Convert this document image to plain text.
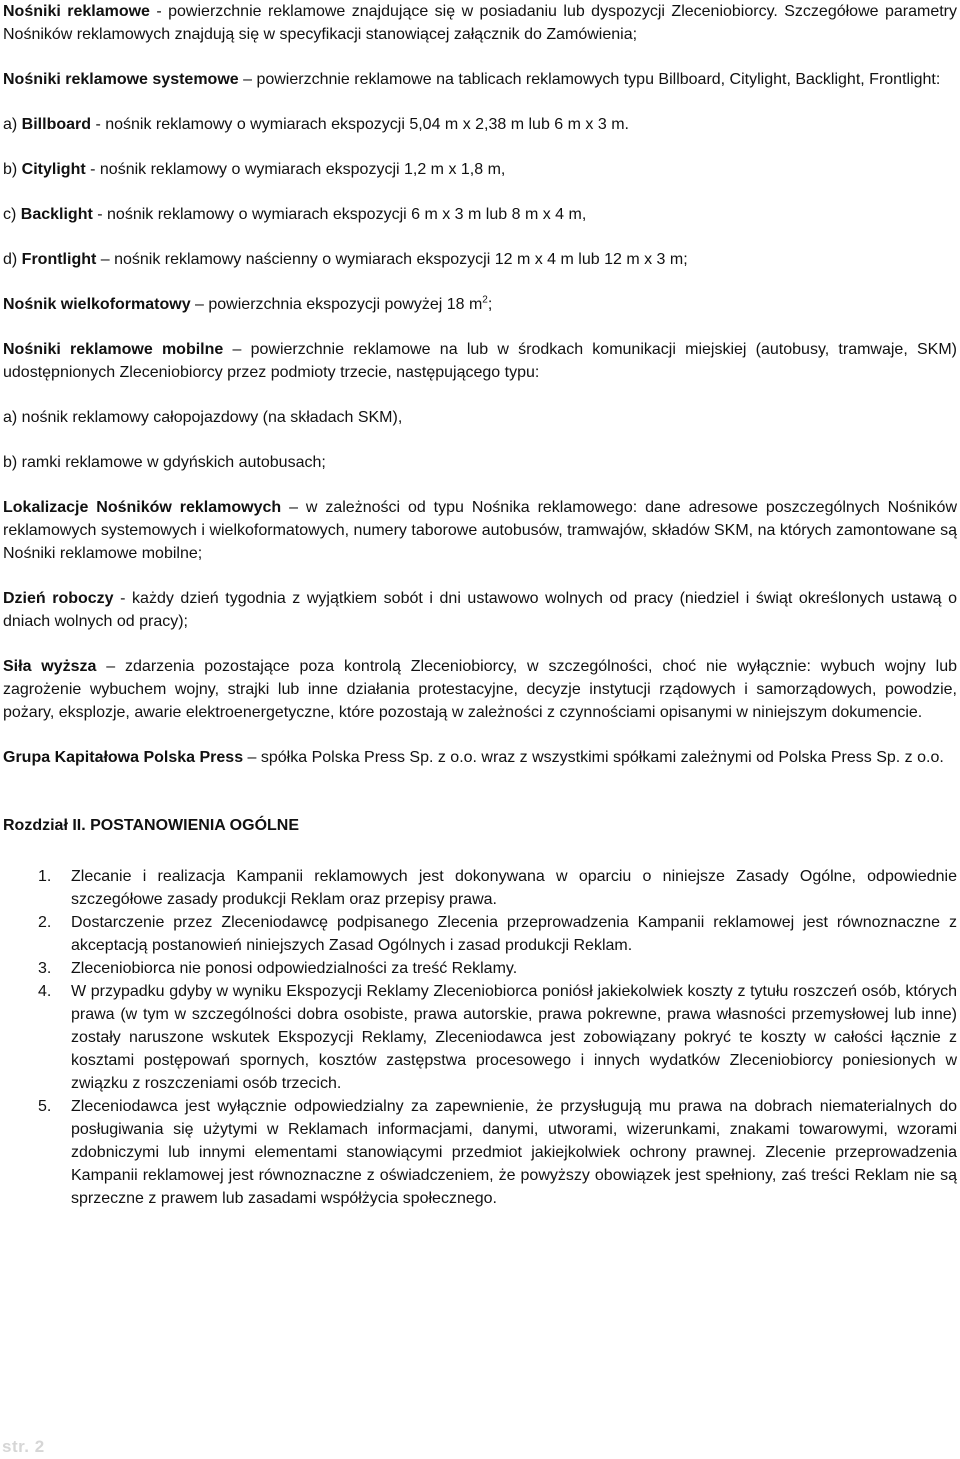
Nośniki reklamowe - powierzchnie reklamowe znajdujące się w posiadaniu lub dyspozycji Zleceniobiorcy. Szczegółowe parametry Nośników reklamowych znajdują się w specyfikacji stanowiącej załącznik do Zamówienia;

Nośniki reklamowe systemowe – powierzchnie reklamowe na tablicach reklamowych typu Billboard, Citylight, Backlight, Frontlight:

a) Billboard - nośnik reklamowy o wymiarach ekspozycji 5,04 m x 2,38 m lub 6 m x 3 m.

b) Citylight - nośnik reklamowy o wymiarach ekspozycji 1,2 m x 1,8 m,

c) Backlight - nośnik reklamowy o wymiarach ekspozycji 6 m x 3 m lub 8 m x 4 m,

d) Frontlight – nośnik reklamowy naścienny o wymiarach ekspozycji 12 m x 4 m lub 12 m x 3 m;

Nośnik wielkoformatowy – powierzchnia ekspozycji powyżej 18 $m^2$;

Nośniki reklamowe mobilne – powierzchnie reklamowe na lub w środkach komunikacji miejskiej (autobusy, tramwaje, SKM) udostępnionych Zleceniobiorcy przez podmioty trzecie, następującego typu:

a) nośnik reklamowy całopojazdowy (na składach SKM),

b) ramki reklamowe w gdyńskich autobusach;

Lokalizacje Nośników reklamowych – w zależności od typu Nośnika reklamowego: dane adresowe poszczególnych Nośników reklamowych systemowych i wielkoformatowych, numery taborowe autobusów, tramwajów, składów SKM, na których zamontowane są Nośniki reklamowe mobilne;

Dzień roboczy - każdy dzień tygodnia z wyjątkiem sobót i dni ustawowo wolnych od pracy (niedziel i świąt określonych ustawą o dniach wolnych od pracy);

Siła wyższa – zdarzenia pozostające poza kontrolą Zleceniobiorcy, w szczególności, choć nie wyłącznie: wybuch wojny lub zagrożenie wybuchem wojny, strajki lub inne działania protestacyjne, decyzje instytucji rządowych i samorządowych, powodzie, pożary, eksplozje, awarie elektroenergetyczne, które pozostają w zależności z czynnościami opisanymi w niniejszym dokumencie.

Grupa Kapitałowa Polska Press – spółka Polska Press Sp. z o.o. wraz z wszystkimi spółkami zależnymi od Polska Press Sp. z o.o.

Rozdział II. POSTANOWIENIA OGÓLNE

1. Zlecanie i realizacja Kampanii reklamowych jest dokonywana w oparciu o niniejsze Zasady Ogólne, odpowiednie szczegółowe zasady produkcji Reklam oraz przepisy prawa.
2. Dostarczenie przez Zleceniodawcę podpisanego Zlecenia przeprowadzenia Kampanii reklamowej jest równoznaczne z akceptacją postanowień niniejszych Zasad Ogólnych i zasad produkcji Reklam.
3. Zleceniobiorca nie ponosi odpowiedzialności za treść Reklamy.
4. W przypadku gdyby w wyniku Ekspozycji Reklamy Zleceniobiorca poniósł jakiekolwiek koszty z tytułu roszczeń osób, których prawa (w tym w szczególności dobra osobiste, prawa autorskie, prawa pokrewne, prawa własności przemysłowej lub inne) zostały naruszone wskutek Ekspozycji Reklamy, Zleceniodawca jest zobowiązany pokryć te koszty w całości łącznie z kosztami postępowań spornych, kosztów zastępstwa procesowego i innych wydatków Zleceniobiorcy poniesionych w związku z roszczeniami osób trzecich.
5. Zleceniodawca jest wyłącznie odpowiedzialny za zapewnienie, że przysługują mu prawa na dobrach niematerialnych do posługiwania się użytymi w Reklamach informacjami, danymi, utworami, wizerunkami, znakami towarowymi, wzorami zdobniczymi lub innymi elementami stanowiącymi przedmiot jakiejkolwiek ochrony prawnej. Zlecenie przeprowadzenia Kampanii reklamowej jest równoznaczne z oświadczeniem, że powyższy obowiązek jest spełniony, zaś treści Reklam nie są sprzeczne z prawem lub zasadami współżycia społecznego.
str. 2
